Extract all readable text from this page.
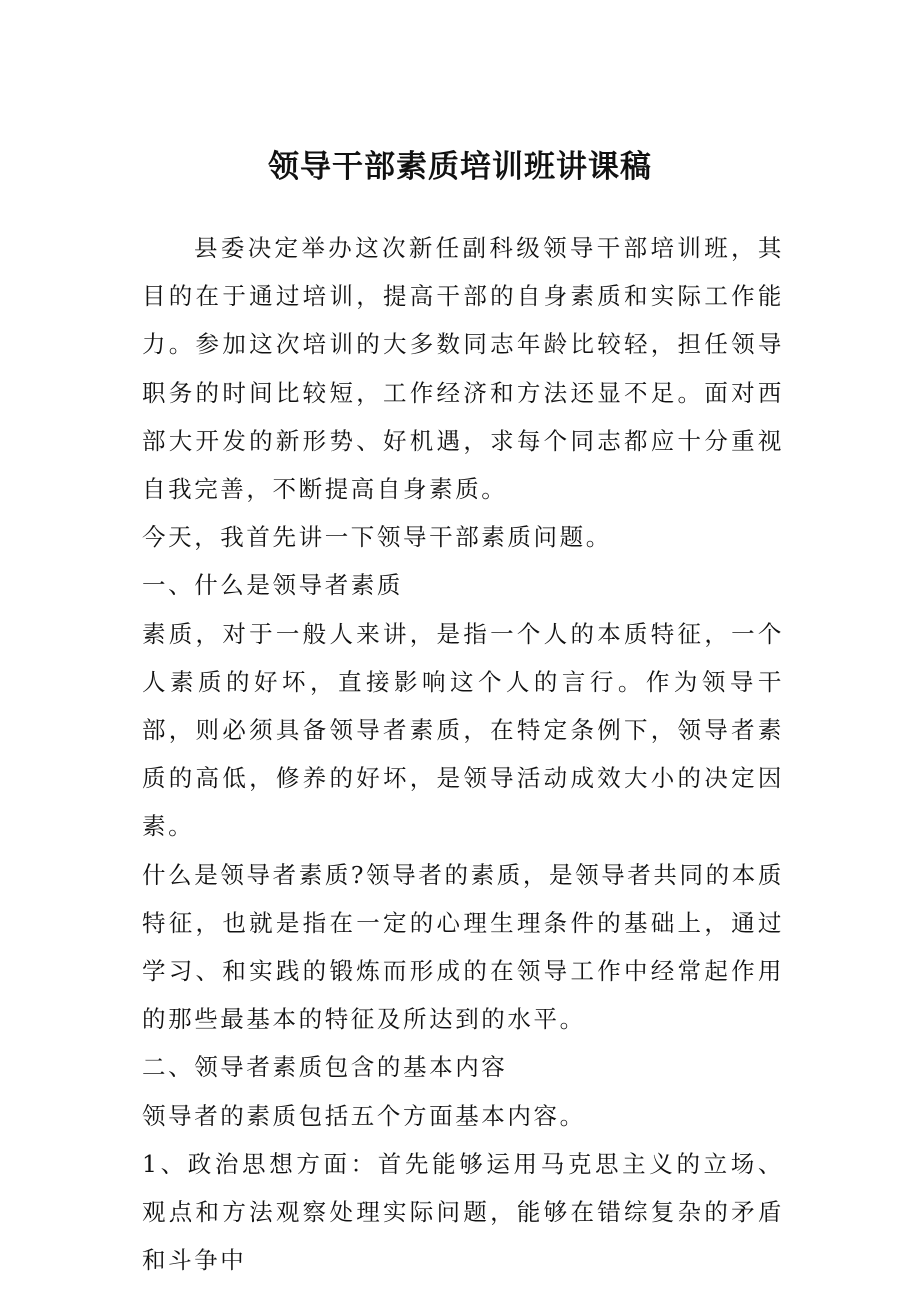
领导干部素质培训班讲课稿

县委决定举办这次新任副科级领导干部培训班，其目的在于通过培训，提高干部的自身素质和实际工作能力。参加这次培训的大多数同志年龄比较轻，担任领导职务的时间比较短，工作经济和方法还显不足。面对西部大开发的新形势、好机遇，求每个同志都应十分重视自我完善，不断提高自身素质。

今天，我首先讲一下领导干部素质问题。

一、什么是领导者素质

素质，对于一般人来讲，是指一个人的本质特征，一个人素质的好坏，直接影响这个人的言行。作为领导干部，则必须具备领导者素质，在特定条例下，领导者素质的高低，修养的好坏，是领导活动成效大小的决定因素。

什么是领导者素质?领导者的素质，是领导者共同的本质特征，也就是指在一定的心理生理条件的基础上，通过学习、和实践的锻炼而形成的在领导工作中经常起作用的那些最基本的特征及所达到的水平。

二、领导者素质包含的基本内容

领导者的素质包括五个方面基本内容。

1、政治思想方面：首先能够运用马克思主义的立场、观点和方法观察处理实际问题，能够在错综复杂的矛盾和斗争中
